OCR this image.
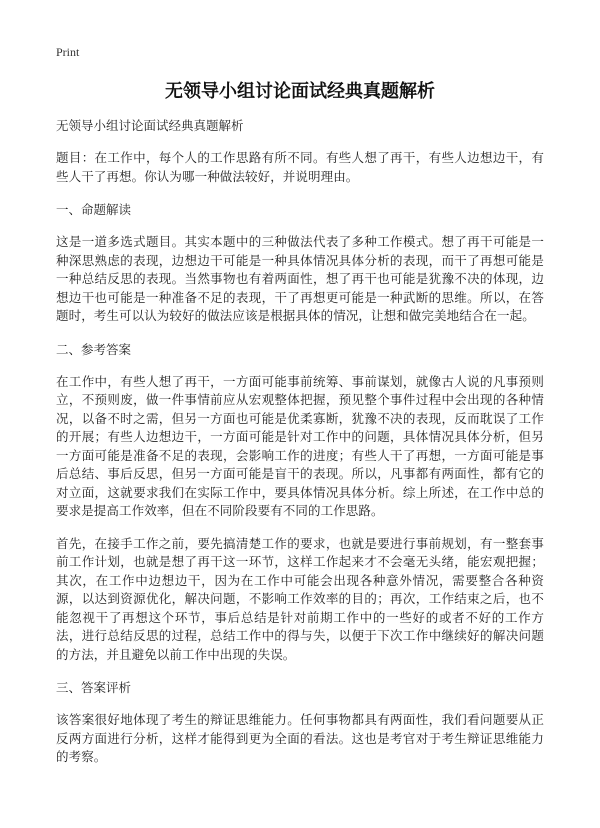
Print

无领导小组讨论面试经典真题解析

无领导小组讨论面试经典真题解析

题目：在工作中，每个人的工作思路有所不同。有些人想了再干，有些人边想边干，有些人干了再想。你认为哪一种做法较好，并说明理由。

一、命题解读

这是一道多选式题目。其实本题中的三种做法代表了多种工作模式。想了再干可能是一种深思熟虑的表现，边想边干可能是一种具体情况具体分析的表现，而干了再想可能是一种总结反思的表现。当然事物也有着两面性，想了再干也可能是犹豫不决的体现，边想边干也可能是一种准备不足的表现，干了再想更可能是一种武断的思维。所以，在答题时，考生可以认为较好的做法应该是根据具体的情况，让想和做完美地结合在一起。

二、参考答案

在工作中，有些人想了再干，一方面可能事前统筹、事前谋划，就像古人说的凡事预则立，不预则废，做一件事情前应从宏观整体把握，预见整个事件过程中会出现的各种情况，以备不时之需，但另一方面也可能是优柔寡断，犹豫不决的表现，反而耽误了工作的开展；有些人边想边干，一方面可能是针对工作中的问题，具体情况具体分析，但另一方面可能是准备不足的表现，会影响工作的进度；有些人干了再想，一方面可能是事后总结、事后反思，但另一方面可能是盲干的表现。所以，凡事都有两面性，都有它的对立面，这就要求我们在实际工作中，要具体情况具体分析。综上所述，在工作中总的要求是提高工作效率，但在不同阶段要有不同的工作思路。

首先，在接手工作之前，要先搞清楚工作的要求，也就是要进行事前规划，有一整套事前工作计划，也就是想了再干这一环节，这样工作起来才不会毫无头绪，能宏观把握；其次，在工作中边想边干，因为在工作中可能会出现各种意外情况，需要整合各种资源，以达到资源优化，解决问题，不影响工作效率的目的；再次，工作结束之后，也不能忽视干了再想这个环节，事后总结是针对前期工作中的一些好的或者不好的工作方法，进行总结反思的过程，总结工作中的得与失，以便于下次工作中继续好的解决问题的方法，并且避免以前工作中出现的失误。

三、答案评析

该答案很好地体现了考生的辩证思维能力。任何事物都具有两面性，我们看问题要从正反两方面进行分析，这样才能得到更为全面的看法。这也是考官对于考生辩证思维能力的考察。
